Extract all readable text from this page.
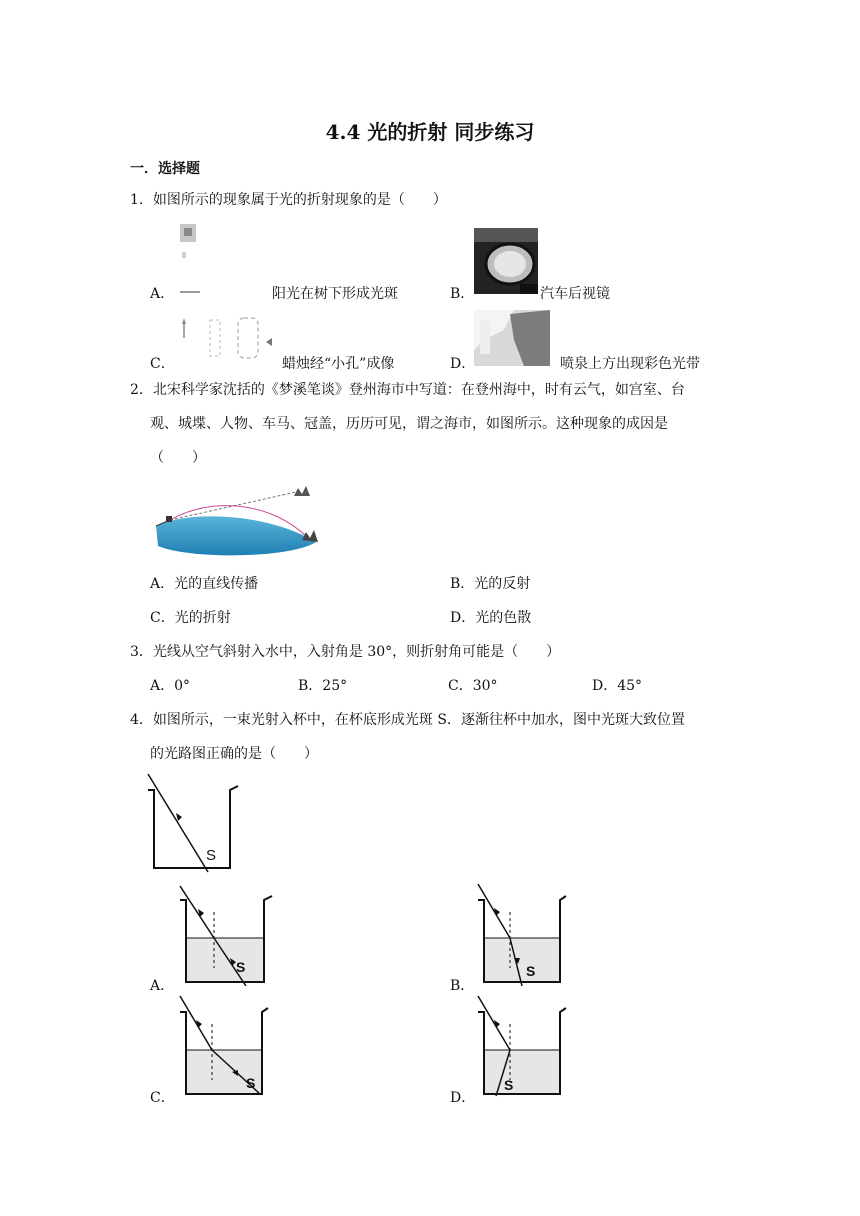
4.4 光的折射 同步练习
一．选择题
1．如图所示的现象属于光的折射现象的是（　　）
A．	阳光在树下形成光斑	B．	汽车后视镜
C．	蜡烛经“小孔”成像	D．	喷泉上方出现彩色光带
2．北宋科学家沈括的《梦溪笔谈》登州海市中写道：在登州海中，时有云气，如宫室、台
观、城堞、人物、车马、冠盖，历历可见，谓之海市，如图所示。这种现象的成因是
（　　）
A．光的直线传播	B．光的反射
C．光的折射	D．光的色散
3．光线从空气斜射入水中，入射角是 30°，则折射角可能是（　　）
A．0°	B．25°	C．30°	D．45°
4．如图所示，一束光射入杯中，在杯底形成光斑 S．逐渐往杯中加水，图中光斑大致位置
的光路图正确的是（　　）
S
S
A．
S
B．
S
C．
S
D．
